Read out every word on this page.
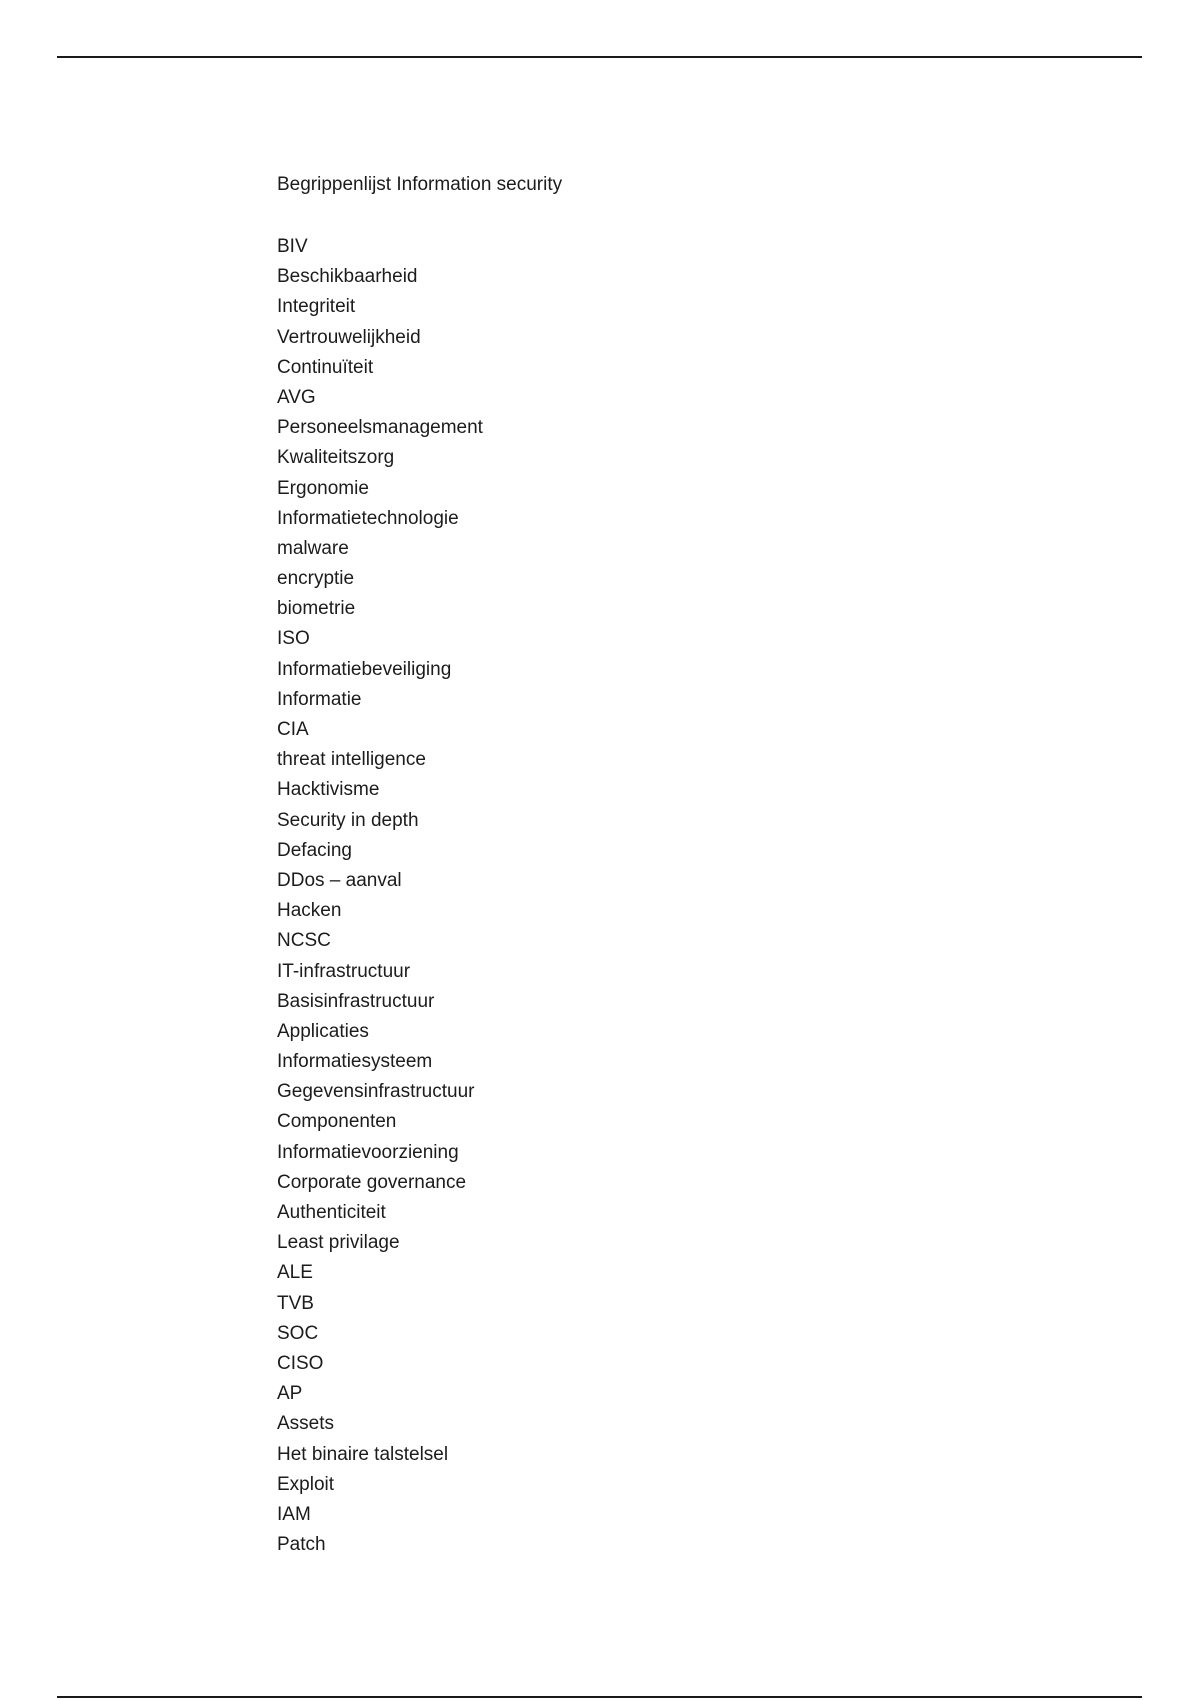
Begrippenlijst Information security
BIV
Beschikbaarheid
Integriteit
Vertrouwelijkheid
Continuïteit
AVG
Personeelsmanagement
Kwaliteitszorg
Ergonomie
Informatietechnologie
malware
encryptie
biometrie
ISO
Informatiebeveiliging
Informatie
CIA
threat intelligence
Hacktivisme
Security in depth
Defacing
DDos – aanval
Hacken
NCSC
IT-infrastructuur
Basisinfrastructuur
Applicaties
Informatiesysteem
Gegevensinfrastructuur
Componenten
Informatievoorziening
Corporate governance
Authenticiteit
Least privilage
ALE
TVB
SOC
CISO
AP
Assets
Het binaire talstelsel
Exploit
IAM
Patch
